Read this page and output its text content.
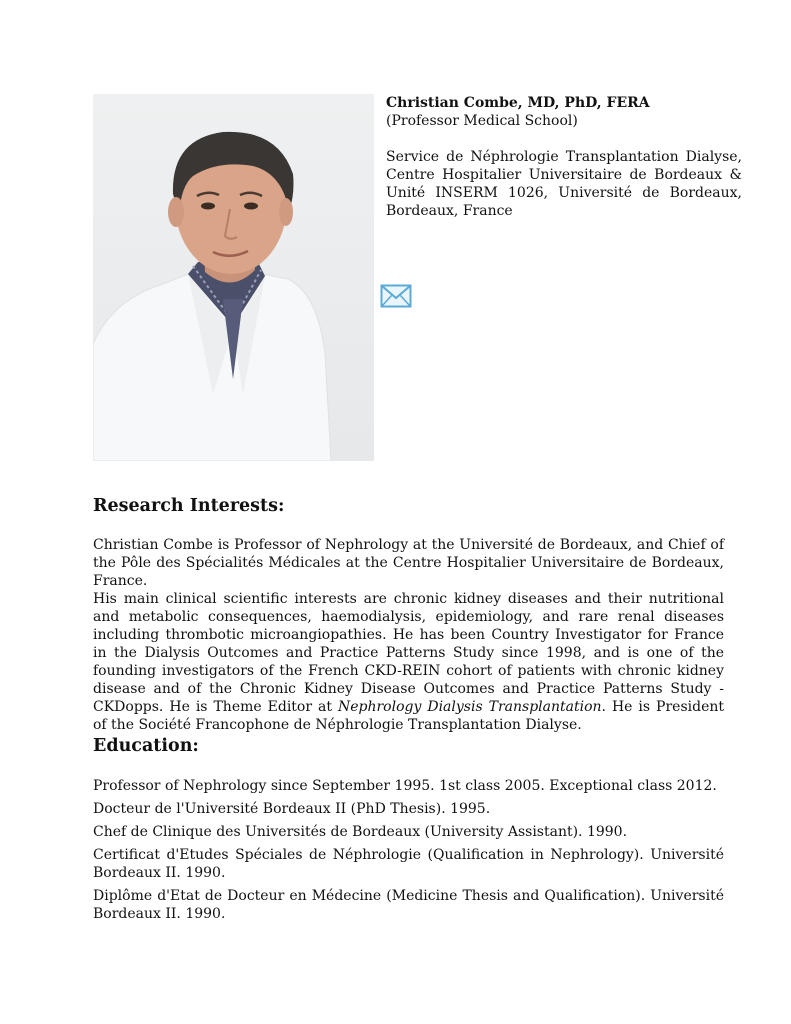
Christian Combe, MD, PhD, FERA

(Professor Medical School)

Service de Néphrologie Transplantation Dialyse, Centre Hospitalier Universitaire de Bordeaux & Unité INSERM 1026, Université de Bordeaux, Bordeaux, France

Research Interests:

Christian Combe is Professor of Nephrology at the Université de Bordeaux, and Chief of the Pôle des Spécialités Médicales at the Centre Hospitalier Universitaire de Bordeaux, France.

His main clinical scientific interests are chronic kidney diseases and their nutritional and metabolic consequences, haemodialysis, epidemiology, and rare renal diseases including thrombotic microangiopathies. He has been Country Investigator for France in the Dialysis Outcomes and Practice Patterns Study since 1998, and is one of the founding investigators of the French CKD-REIN cohort of patients with chronic kidney disease and of the Chronic Kidney Disease Outcomes and Practice Patterns Study - CKDopps. He is Theme Editor at Nephrology Dialysis Transplantation. He is President of the Société Francophone de Néphrologie Transplantation Dialyse.

Education:
Professor of Nephrology since September 1995. 1st class 2005. Exceptional class 2012.
Docteur de l'Université Bordeaux II (PhD Thesis). 1995.
Chef de Clinique des Universités de Bordeaux (University Assistant). 1990.
Certificat d'Etudes Spéciales de Néphrologie (Qualification in Nephrology). Université Bordeaux II. 1990.
Diplôme d'Etat de Docteur en Médecine (Medicine Thesis and Qualification). Université Bordeaux II. 1990.
